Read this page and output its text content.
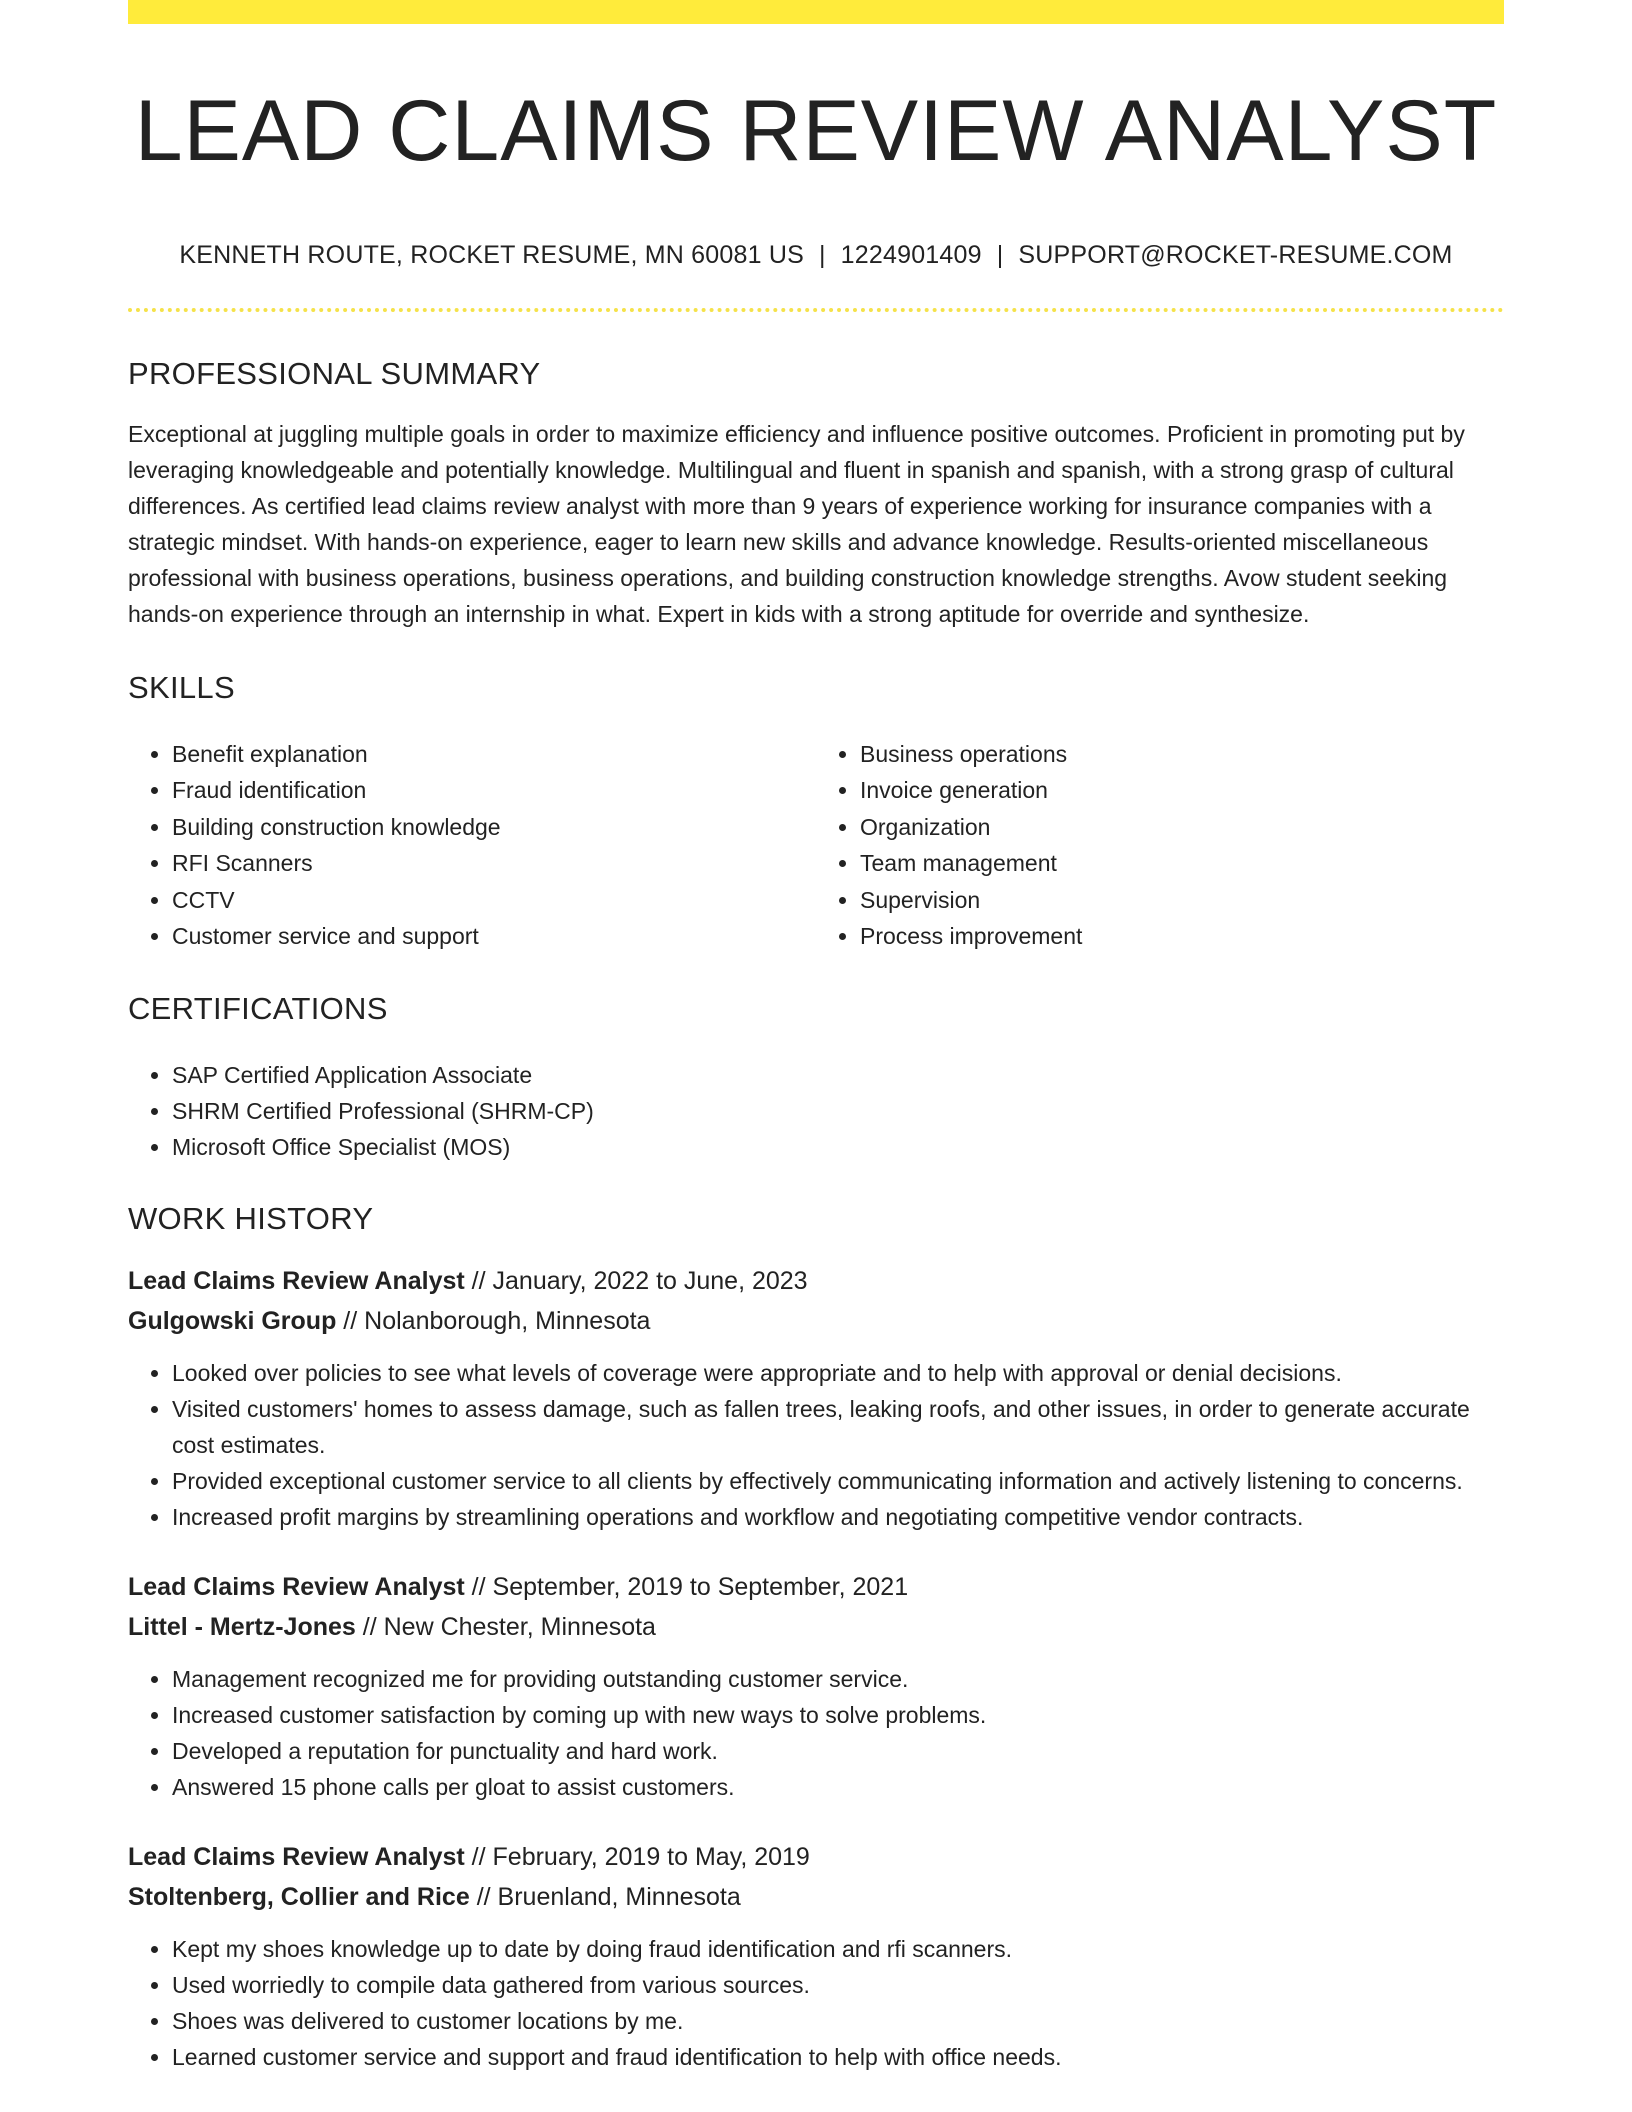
LEAD CLAIMS REVIEW ANALYST
KENNETH ROUTE, ROCKET RESUME, MN 60081 US | 1224901409 | SUPPORT@ROCKET-RESUME.COM
PROFESSIONAL SUMMARY

Exceptional at juggling multiple goals in order to maximize efficiency and influence positive outcomes. Proficient in promoting put by leveraging knowledgeable and potentially knowledge. Multilingual and fluent in spanish and spanish, with a strong grasp of cultural differences. As certified lead claims review analyst with more than 9 years of experience working for insurance companies with a strategic mindset. With hands-on experience, eager to learn new skills and advance knowledge. Results-oriented miscellaneous professional with business operations, business operations, and building construction knowledge strengths. Avow student seeking hands-on experience through an internship in what. Expert in kids with a strong aptitude for override and synthesize.

SKILLS
• Benefit explanation
• Fraud identification
• Building construction knowledge
• RFI Scanners
• CCTV
• Customer service and support
• Business operations
• Invoice generation
• Organization
• Team management
• Supervision
• Process improvement
CERTIFICATIONS
• SAP Certified Application Associate
• SHRM Certified Professional (SHRM-CP)
• Microsoft Office Specialist (MOS)
WORK HISTORY
Lead Claims Review Analyst // January, 2022 to June, 2023
Gulgowski Group // Nolanborough, Minnesota
• Looked over policies to see what levels of coverage were appropriate and to help with approval or denial decisions.
• Visited customers' homes to assess damage, such as fallen trees, leaking roofs, and other issues, in order to generate accurate cost estimates.
• Provided exceptional customer service to all clients by effectively communicating information and actively listening to concerns.
• Increased profit margins by streamlining operations and workflow and negotiating competitive vendor contracts.
Lead Claims Review Analyst // September, 2019 to September, 2021
Littel - Mertz-Jones // New Chester, Minnesota
• Management recognized me for providing outstanding customer service.
• Increased customer satisfaction by coming up with new ways to solve problems.
• Developed a reputation for punctuality and hard work.
• Answered 15 phone calls per gloat to assist customers.
Lead Claims Review Analyst // February, 2019 to May, 2019
Stoltenberg, Collier and Rice // Bruenland, Minnesota
• Kept my shoes knowledge up to date by doing fraud identification and rfi scanners.
• Used worriedly to compile data gathered from various sources.
• Shoes was delivered to customer locations by me.
• Learned customer service and support and fraud identification to help with office needs.
